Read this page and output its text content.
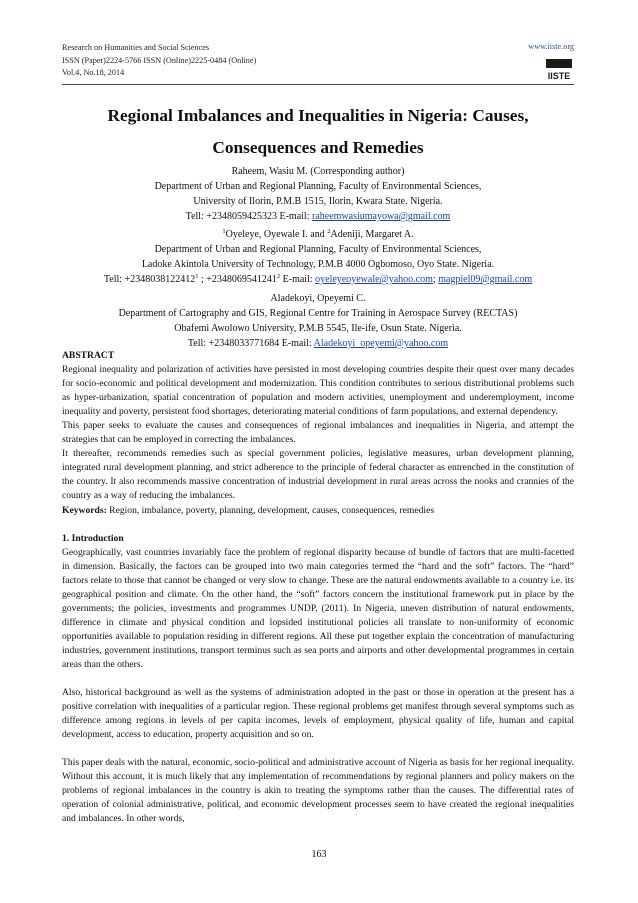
Research on Humanities and Social Sciences
ISSN (Paper)2224-5766 ISSN (Online)2225-0484 (Online)
Vol.4, No.18, 2014
www.iiste.org
IISTE
Regional Imbalances and Inequalities in Nigeria: Causes,
Consequences and Remedies
Raheem, Wasiu M. (Corresponding author)
Department of Urban and Regional Planning, Faculty of Environmental Sciences,
University of Ilorin, P.M.B 1515, Ilorin, Kwara State. Nigeria.
Tell: +2348059425323 E-mail: raheemwasiumayowa@gmail.com
$^1$Oyeleye, Oyewale I. and $^2$Adeniji, Margaret A.
Department of Urban and Regional Planning, Faculty of Environmental Sciences,
Ladoke Akintola University of Technology, P.M.B 4000 Ogbomoso, Oyo State. Nigeria.
Tell: $+2348038122412^1$ ; $+2348069541241^2$ E-mail: oyeleyeoyewale@yahoo.com; magpiel09@gmail.com
Aladekoyi, Opeyemi C.
Department of Cartography and GIS, Regional Centre for Training in Aerospace Survey (RECTAS)
Obafemi Awolowo University, P.M.B 5545, Ile-ife, Osun State. Nigeria.
Tell: +2348033771684 E-mail: Aladekoyi_opeyemi@yahoo.com
ABSTRACT

Regional inequality and polarization of activities have persisted in most developing countries despite their quest over many decades for socio-economic and political development and modernization. This condition contributes to serious distributional problems such as hyper-urbanization, spatial concentration of population and modern activities, unemployment and underemployment, income inequality and poverty, persistent food shortages, deteriorating material conditions of farm populations, and external dependency.

This paper seeks to evaluate the causes and consequences of regional imbalances and inequalities in Nigeria, and attempt the strategies that can be employed in correcting the imbalances.

It thereafter, recommends remedies such as special government policies, legislative measures, urban development planning, integrated rural development planning, and strict adherence to the principle of federal character as entrenched in the constitution of the country. It also recommends massive concentration of industrial development in rural areas across the nooks and crannies of the country as a way of reducing the imbalances.

Keywords: Region, imbalance, poverty, planning, development, causes, consequences, remedies

1. Introduction

Geographically, vast countries invariably face the problem of regional disparity because of bundle of factors that are multi-facetted in dimension. Basically, the factors can be grouped into two main categories termed the “hard and the soft” factors. The “hard” factors relate to those that cannot be changed or very slow to change. These are the natural endowments available to a country i.e. its geographical position and climate. On the other hand, the “soft” factors concern the institutional framework put in place by the governments; the policies, investments and programmes UNDP, (2011). In Nigeria, uneven distribution of natural endowments, difference in climate and physical condition and lopsided institutional policies all translate to non-uniformity of economic opportunities available to population residing in different regions. All these put together explain the concentration of manufacturing industries, government institutions, transport terminus such as sea ports and airports and other developmental programmes in certain areas than the others.

Also, historical background as well as the systems of administration adopted in the past or those in operation at the present has a positive correlation with inequalities of a particular region. These regional problems get manifest through several symptoms such as difference among regions in levels of per capita incomes, levels of employment, physical quality of life, human and capital development, access to education, property acquisition and so on.

This paper deals with the natural, economic, socio-political and administrative account of Nigeria as basis for her regional inequality. Without this account, it is much likely that any implementation of recommendations by regional planners and policy makers on the problems of regional imbalances in the country is akin to treating the symptoms rather than the causes. The differential rates of operation of colonial administrative, political, and economic development processes seem to have created the regional inequalities and imbalances. In other words,

163
